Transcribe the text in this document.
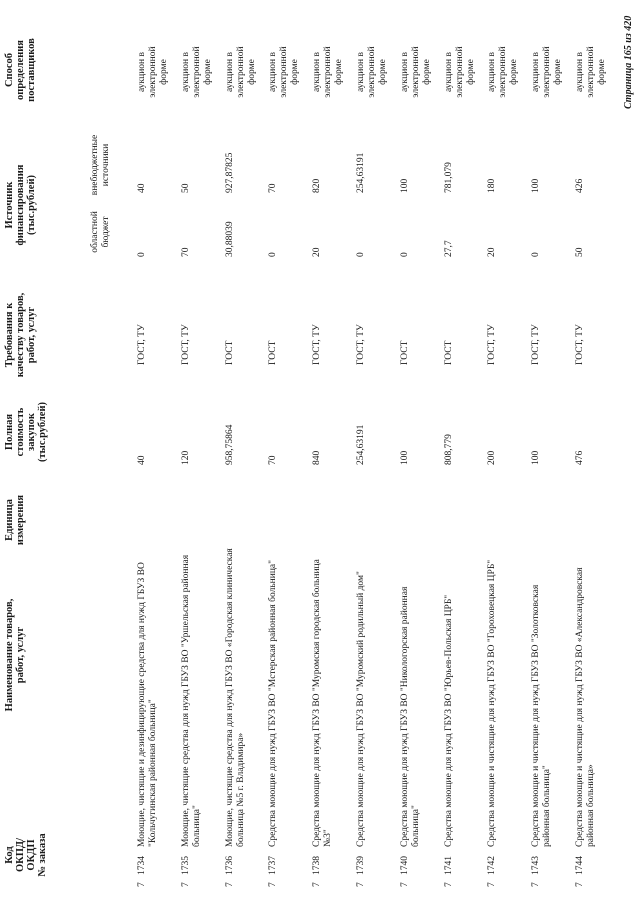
Код
ОКПД/
ОКДП
№ заказа
Наименование товаров,
работ, услуг
Единица
измерения
Полная
стоимость
закупок
(тыс.рублей)
Требования к
качеству товаров,
работ, услуг
Источник
финансирования
(тыс.рублей)	областной
бюджет
внебюджетные
источники
Способ
определения
поставщиков
7
1734
Моющие, чистящие и дезинфицирующие средства для нужд ГБУЗ ВО "Кольчугинская районная больница"
40
ГОСТ, ТУ
0
40
аукцион в
электронной
форме
7
1735
Моющие, чистящие средства для нужд ГБУЗ ВО "Уршельская районная больница"
120
ГОСТ, ТУ
70
50
аукцион в
электронной
форме
7
1736
Моющие, чистящие средства для нужд ГБУЗ ВО «Городская клиническая больница №5 г. Владимира»
958,75864
ГОСТ
30,88039
927,87825
аукцион в
электронной
форме
7
1737
Средства моющие для нужд ГБУЗ ВО "Мстерская районная больница"
70
ГОСТ
0
70
аукцион в
электронной
форме
7
1738
Средства моющие для нужд ГБУЗ ВО "Муромская городская больница №3"
840
ГОСТ, ТУ
20
820
аукцион в
электронной
форме
7
1739
Средства моющие для нужд ГБУЗ ВО "Муромский родильный дом"
254,63191
ГОСТ, ТУ
0
254,63191
аукцион в
электронной
форме
7
1740
Средства моющие для нужд ГБУЗ ВО "Никологорская районная больница"
100
ГОСТ
0
100
аукцион в
электронной
форме
7
1741
Средства моющие для нужд ГБУЗ ВО "Юрьев-Польская ЦРБ"
808,779
ГОСТ
27,7
781,079
аукцион в
электронной
форме
7
1742
Средства моющие и чистящие для нужд ГБУЗ ВО "Гороховецкая ЦРБ"
200
ГОСТ, ТУ
20
180
аукцион в
электронной
форме
7
1743
Средства моющие и чистящие для нужд ГБУЗ ВО "Золотковская районная больница"
100
ГОСТ, ТУ
0
100
аукцион в
электронной
форме
7
1744
Средства моющие и чистящие для нужд ГБУЗ ВО «Александровская районная больница»
476
ГОСТ, ТУ
50
426
аукцион в
электронной
форме Страница 165 из 420
